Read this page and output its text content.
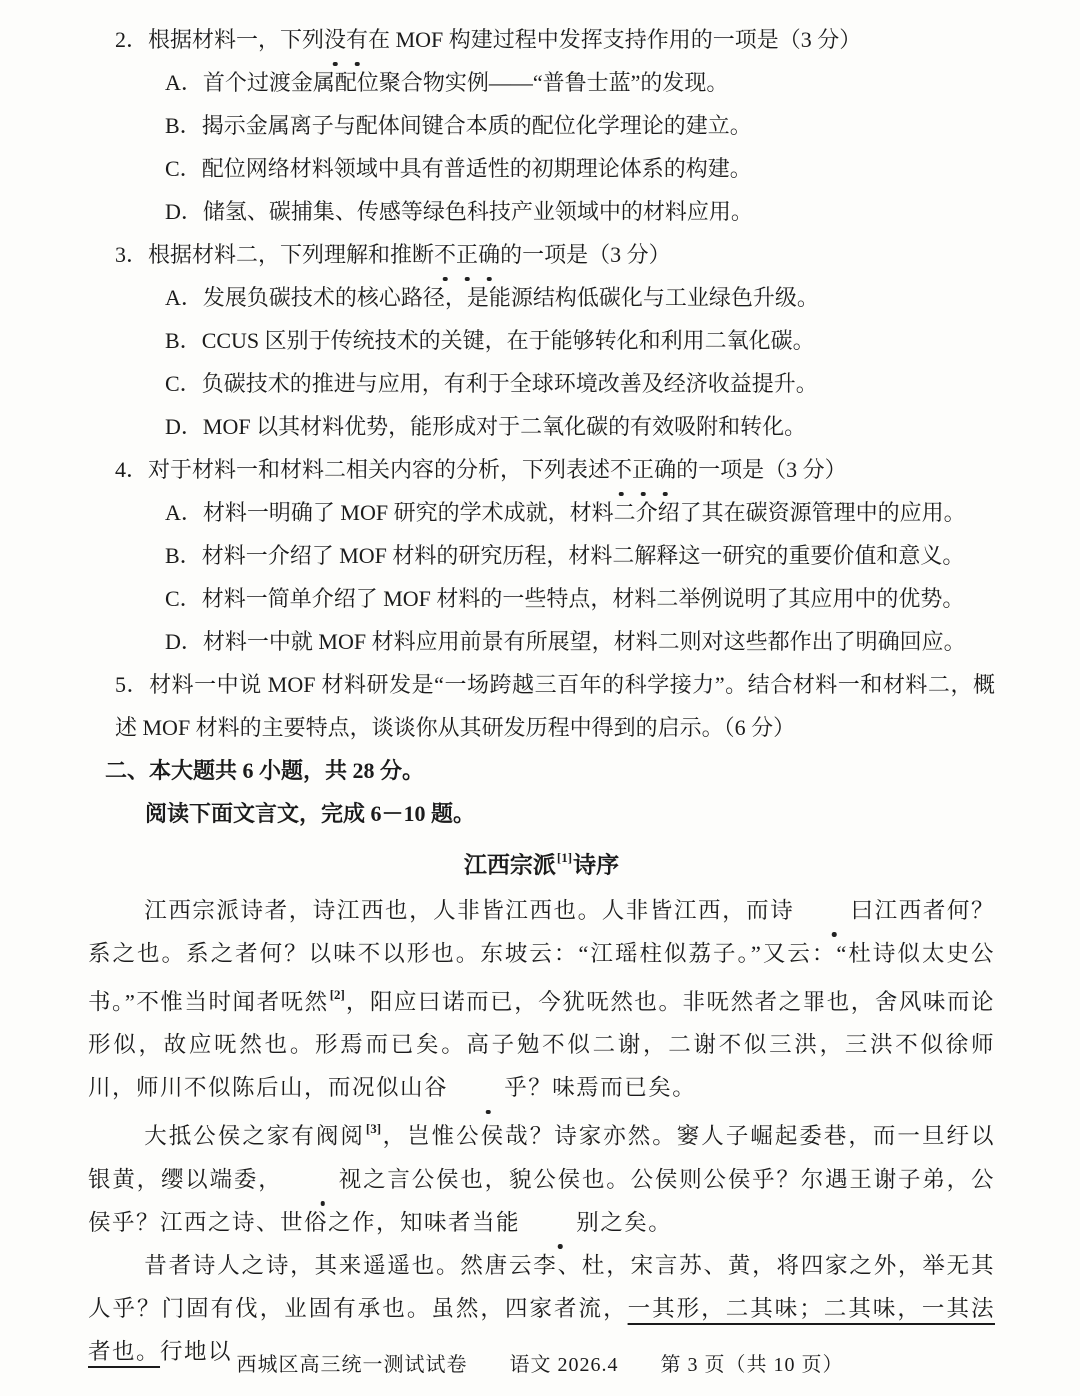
2．根据材料一，下列没有在 MOF 构建过程中发挥支持作用的一项是（3 分）
A．首个过渡金属配位聚合物实例——“普鲁士蓝”的发现。
B．揭示金属离子与配体间键合本质的配位化学理论的建立。
C．配位网络材料领域中具有普适性的初期理论体系的构建。
D．储氢、碳捕集、传感等绿色科技产业领域中的材料应用。
3．根据材料二，下列理解和推断不正确的一项是（3 分）
A．发展负碳技术的核心路径，是能源结构低碳化与工业绿色升级。
B．CCUS 区别于传统技术的关键，在于能够转化和利用二氧化碳。
C．负碳技术的推进与应用，有利于全球环境改善及经济收益提升。
D．MOF 以其材料优势，能形成对于二氧化碳的有效吸附和转化。
4．对于材料一和材料二相关内容的分析，下列表述不正确的一项是（3 分）
A．材料一明确了 MOF 研究的学术成就，材料二介绍了其在碳资源管理中的应用。
B．材料一介绍了 MOF 材料的研究历程，材料二解释这一研究的重要价值和意义。
C．材料一简单介绍了 MOF 材料的一些特点，材料二举例说明了其应用中的优势。
D．材料一中就 MOF 材料应用前景有所展望，材料二则对这些都作出了明确回应。
5．材料一中说 MOF 材料研发是“一场跨越三百年的科学接力”。结合材料一和材料二，概述 MOF 材料的主要特点，谈谈你从其研发历程中得到的启示。（6 分）
二、本大题共 6 小题，共 28 分。
阅读下面文言文，完成 6－10 题。
江西宗派[1]诗序

江西宗派诗者，诗江西也，人非皆江西也。人非皆江西，而诗	曰江西者何？系之也。系之者何？以味不以形也。东坡云：“江瑶柱似荔子。”又云：“杜诗似太史公书。”不惟当时闻者呒然[2]，阳应曰诺而已，今犹呒然也。非呒然者之罪也，舍风味而论形似，故应呒然也。形焉而已矣。高子勉不似二谢，二谢不似三洪，三洪不似徐师川，师川不似陈后山，而况似山谷	乎？味焉而已矣。

大抵公侯之家有阀阅[3]，岂惟公侯哉？诗家亦然。窭人子崛起委巷，而一旦纡以银黄，缨以端委，	视之言公侯也，貌公侯也。公侯则公侯乎？尔遇王谢子弟，公侯乎？江西之诗、世俗之作，知味者当能	别之矣。

昔者诗人之诗，其来遥遥也。然唐云李、杜，宋言苏、黄，将四家之外，举无其人乎？门固有伐，业固有承也。虽然，四家者流，一其形，二其味；二其味，一其法者也。行地以

西城区高三统一测试试卷　　语文 2026.4　　第 3 页（共 10 页）
